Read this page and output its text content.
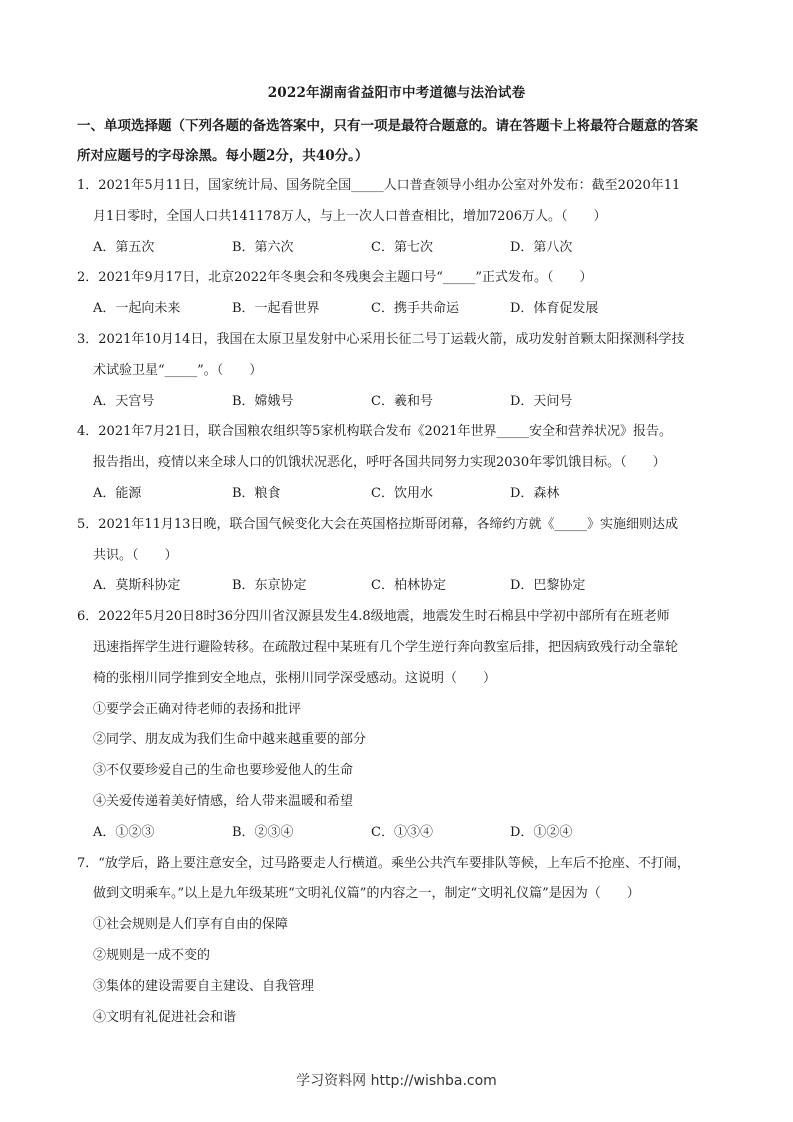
2022年湖南省益阳市中考道德与法治试卷
一、单项选择题（下列各题的备选答案中，只有一项是最符合题意的。请在答题卡上将最符合题意的答案
所对应题号的字母涂黑。每小题2分，共40分。）
1．2021年5月11日，国家统计局、国务院全国_____人口普查领导小组办公室对外发布：截至2020年11
月1日零时，全国人口共141178万人，与上一次人口普查相比，增加7206万人。（　　）
A．第五次	B．第六次	C．第七次	D．第八次
2．2021年9月17日，北京2022年冬奥会和冬残奥会主题口号“_____”正式发布。（　　）
A．一起向未来	B．一起看世界	C．携手共命运	D．体育促发展
3．2021年10月14日，我国在太原卫星发射中心采用长征二号丁运载火箭，成功发射首颗太阳探测科学技
术试验卫星“_____”。（　　）
A．天宫号	B．嫦娥号	C．羲和号	D．天问号
4．2021年7月21日，联合国粮农组织等5家机构联合发布《2021年世界_____安全和营养状况》报告。
报告指出，疫情以来全球人口的饥饿状况恶化，呼吁各国共同努力实现2030年零饥饿目标。（　　）
A．能源	B．粮食	C．饮用水	D．森林
5．2021年11月13日晚，联合国气候变化大会在英国格拉斯哥闭幕，各缔约方就《_____》实施细则达成
共识。（　　）
A．莫斯科协定	B．东京协定	C．柏林协定	D．巴黎协定
6．2022年5月20日8时36分四川省汉源县发生4.8级地震，地震发生时石棉县中学初中部所有在班老师
迅速指挥学生进行避险转移。在疏散过程中某班有几个学生逆行奔向教室后排，把因病致残行动全靠轮
椅的张栩川同学推到安全地点，张栩川同学深受感动。这说明（　　）
①要学会正确对待老师的表扬和批评
②同学、朋友成为我们生命中越来越重要的部分
③不仅要珍爱自己的生命也要珍爱他人的生命
④关爱传递着美好情感，给人带来温暖和希望
A．①②③	B．②③④	C．①③④	D．①②④
7．“放学后，路上要注意安全，过马路要走人行横道。乘坐公共汽车要排队等候，上车后不抢座、不打闹，
做到文明乘车。”以上是九年级某班“文明礼仪篇”的内容之一，制定“文明礼仪篇”是因为（　　）
①社会规则是人们享有自由的保障
②规则是一成不变的
③集体的建设需要自主建设、自我管理
④文明有礼促进社会和谐
学习资料网 http://wishba.com
